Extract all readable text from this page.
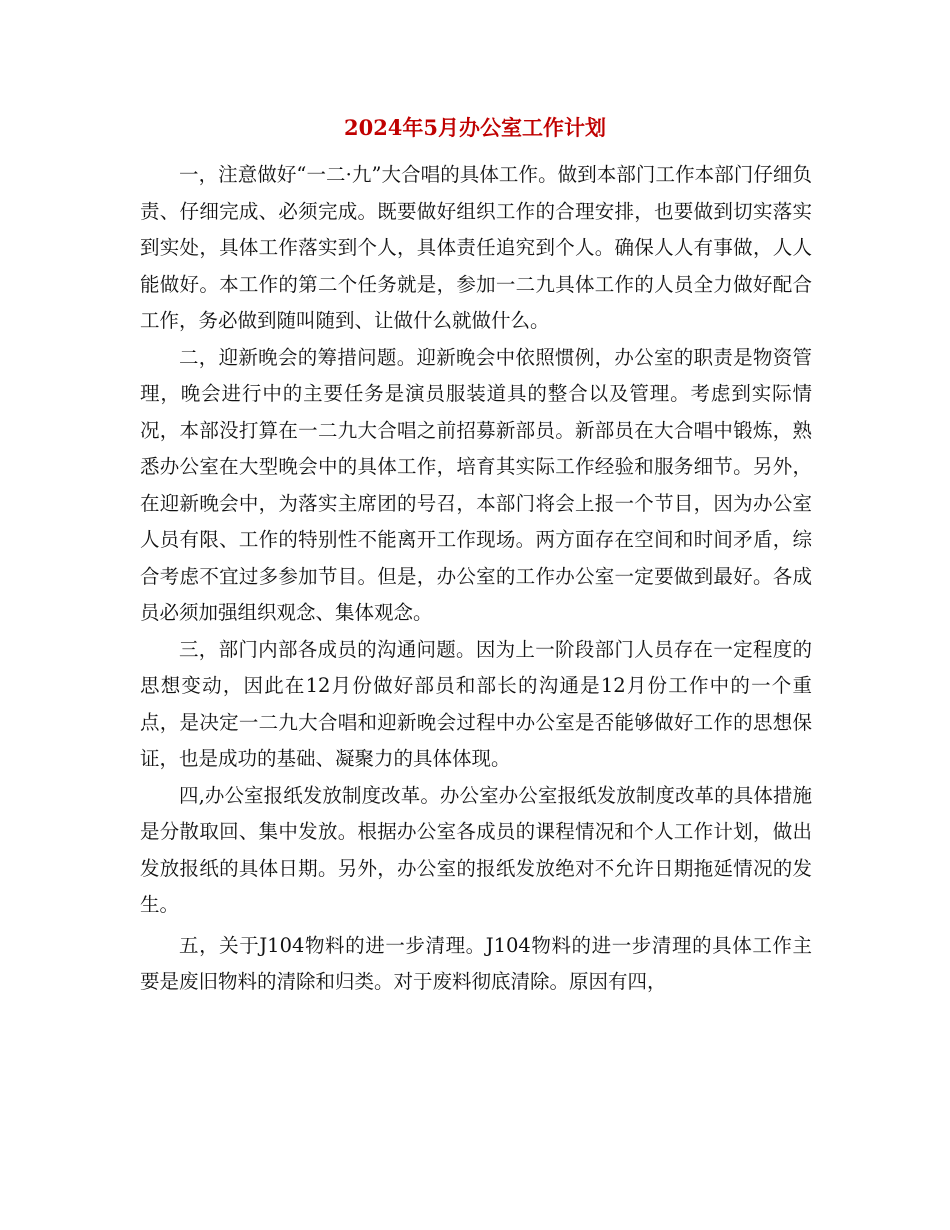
2024年5月办公室工作计划

一，注意做好“一二·九”大合唱的具体工作。做到本部门工作本部门仔细负责、仔细完成、必须完成。既要做好组织工作的合理安排，也要做到切实落实到实处，具体工作落实到个人，具体责任追究到个人。确保人人有事做，人人能做好。本工作的第二个任务就是，参加一二九具体工作的人员全力做好配合工作，务必做到随叫随到、让做什么就做什么。

二，迎新晚会的筹措问题。迎新晚会中依照惯例，办公室的职责是物资管理，晚会进行中的主要任务是演员服装道具的整合以及管理。考虑到实际情况，本部没打算在一二九大合唱之前招募新部员。新部员在大合唱中锻炼，熟悉办公室在大型晚会中的具体工作，培育其实际工作经验和服务细节。另外，在迎新晚会中，为落实主席团的号召，本部门将会上报一个节目，因为办公室人员有限、工作的特别性不能离开工作现场。两方面存在空间和时间矛盾，综合考虑不宜过多参加节目。但是，办公室的工作办公室一定要做到最好。各成员必须加强组织观念、集体观念。

三，部门内部各成员的沟通问题。因为上一阶段部门人员存在一定程度的思想变动，因此在12月份做好部员和部长的沟通是12月份工作中的一个重点，是决定一二九大合唱和迎新晚会过程中办公室是否能够做好工作的思想保证，也是成功的基础、凝聚力的具体体现。

四,办公室报纸发放制度改革。办公室办公室报纸发放制度改革的具体措施是分散取回、集中发放。根据办公室各成员的课程情况和个人工作计划，做出发放报纸的具体日期。另外，办公室的报纸发放绝对不允许日期拖延情况的发生。

五，关于J104物料的进一步清理。J104物料的进一步清理的具体工作主要是废旧物料的清除和归类。对于废料彻底清除。原因有四，
